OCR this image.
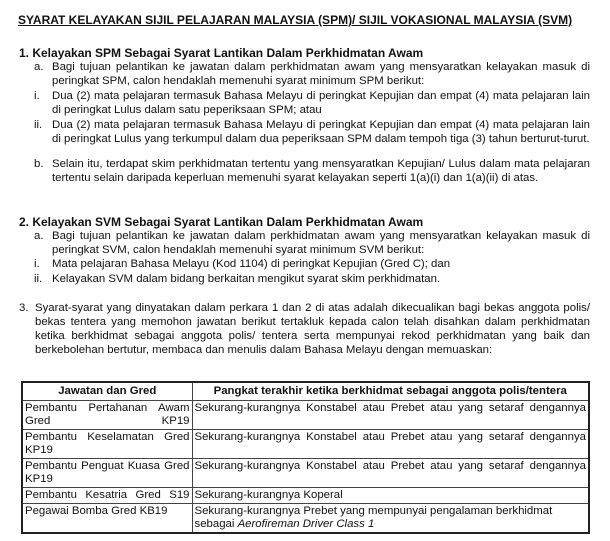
SYARAT KELAYAKAN SIJIL PELAJARAN MALAYSIA (SPM)/ SIJIL VOKASIONAL MALAYSIA (SVM)
1. Kelayakan SPM Sebagai Syarat Lantikan Dalam Perkhidmatan Awam
a. Bagi tujuan pelantikan ke jawatan dalam perkhidmatan awam yang mensyaratkan kelayakan masuk di peringkat SPM, calon hendaklah memenuhi syarat minimum SPM berikut:
i. Dua (2) mata pelajaran termasuk Bahasa Melayu di peringkat Kepujian dan empat (4) mata pelajaran lain di peringkat Lulus dalam satu peperiksaan SPM; atau
ii. Dua (2) mata pelajaran termasuk Bahasa Melayu di peringkat Kepujian dan empat (4) mata pelajaran lain di peringkat Lulus yang terkumpul dalam dua peperiksaan SPM dalam tempoh tiga (3) tahun berturut-turut.
b. Selain itu, terdapat skim perkhidmatan tertentu yang mensyaratkan Kepujian/ Lulus dalam mata pelajaran tertentu selain daripada keperluan memenuhi syarat kelayakan seperti 1(a)(i) dan 1(a)(ii) di atas.
2. Kelayakan SVM Sebagai Syarat Lantikan Dalam Perkhidmatan Awam
a. Bagi tujuan pelantikan ke jawatan dalam perkhidmatan awam yang mensyaratkan kelayakan masuk di peringkat SVM, calon hendaklah memenuhi syarat minimum SVM berikut:
i. Mata pelajaran Bahasa Melayu (Kod 1104) di peringkat Kepujian (Gred C); dan
ii. Kelayakan SVM dalam bidang berkaitan mengikut syarat skim perkhidmatan.
3. Syarat-syarat yang dinyatakan dalam perkara 1 dan 2 di atas adalah dikecualikan bagi bekas anggota polis/ bekas tentera yang memohon jawatan berikut tertakluk kepada calon telah disahkan dalam perkhidmatan ketika berkhidmat sebagai anggota polis/ tentera serta mempunyai rekod perkhidmatan yang baik dan berkebolehan bertutur, membaca dan menulis dalam Bahasa Melayu dengan memuaskan:
Jawatan dan Gred	Pangkat terakhir ketika berkhidmat sebagai anggota polis/tentera
Pembantu Pertahanan Awam Gred KP19	Sekurang-kurangnya Konstabel atau Prebet atau yang setaraf dengannya
Pembantu Keselamatan Gred KP19	Sekurang-kurangnya Konstabel atau Prebet atau yang setaraf dengannya
Pembantu Penguat Kuasa Gred KP19	Sekurang-kurangnya Konstabel atau Prebet atau yang setaraf dengannya
Pembantu Kesatria Gred S19	Sekurang-kurangnya Koperal
Pegawai Bomba Gred KB19	Sekurang-kurangnya Prebet yang mempunyai pengalaman berkhidmat sebagai Aerofireman Driver Class 1
